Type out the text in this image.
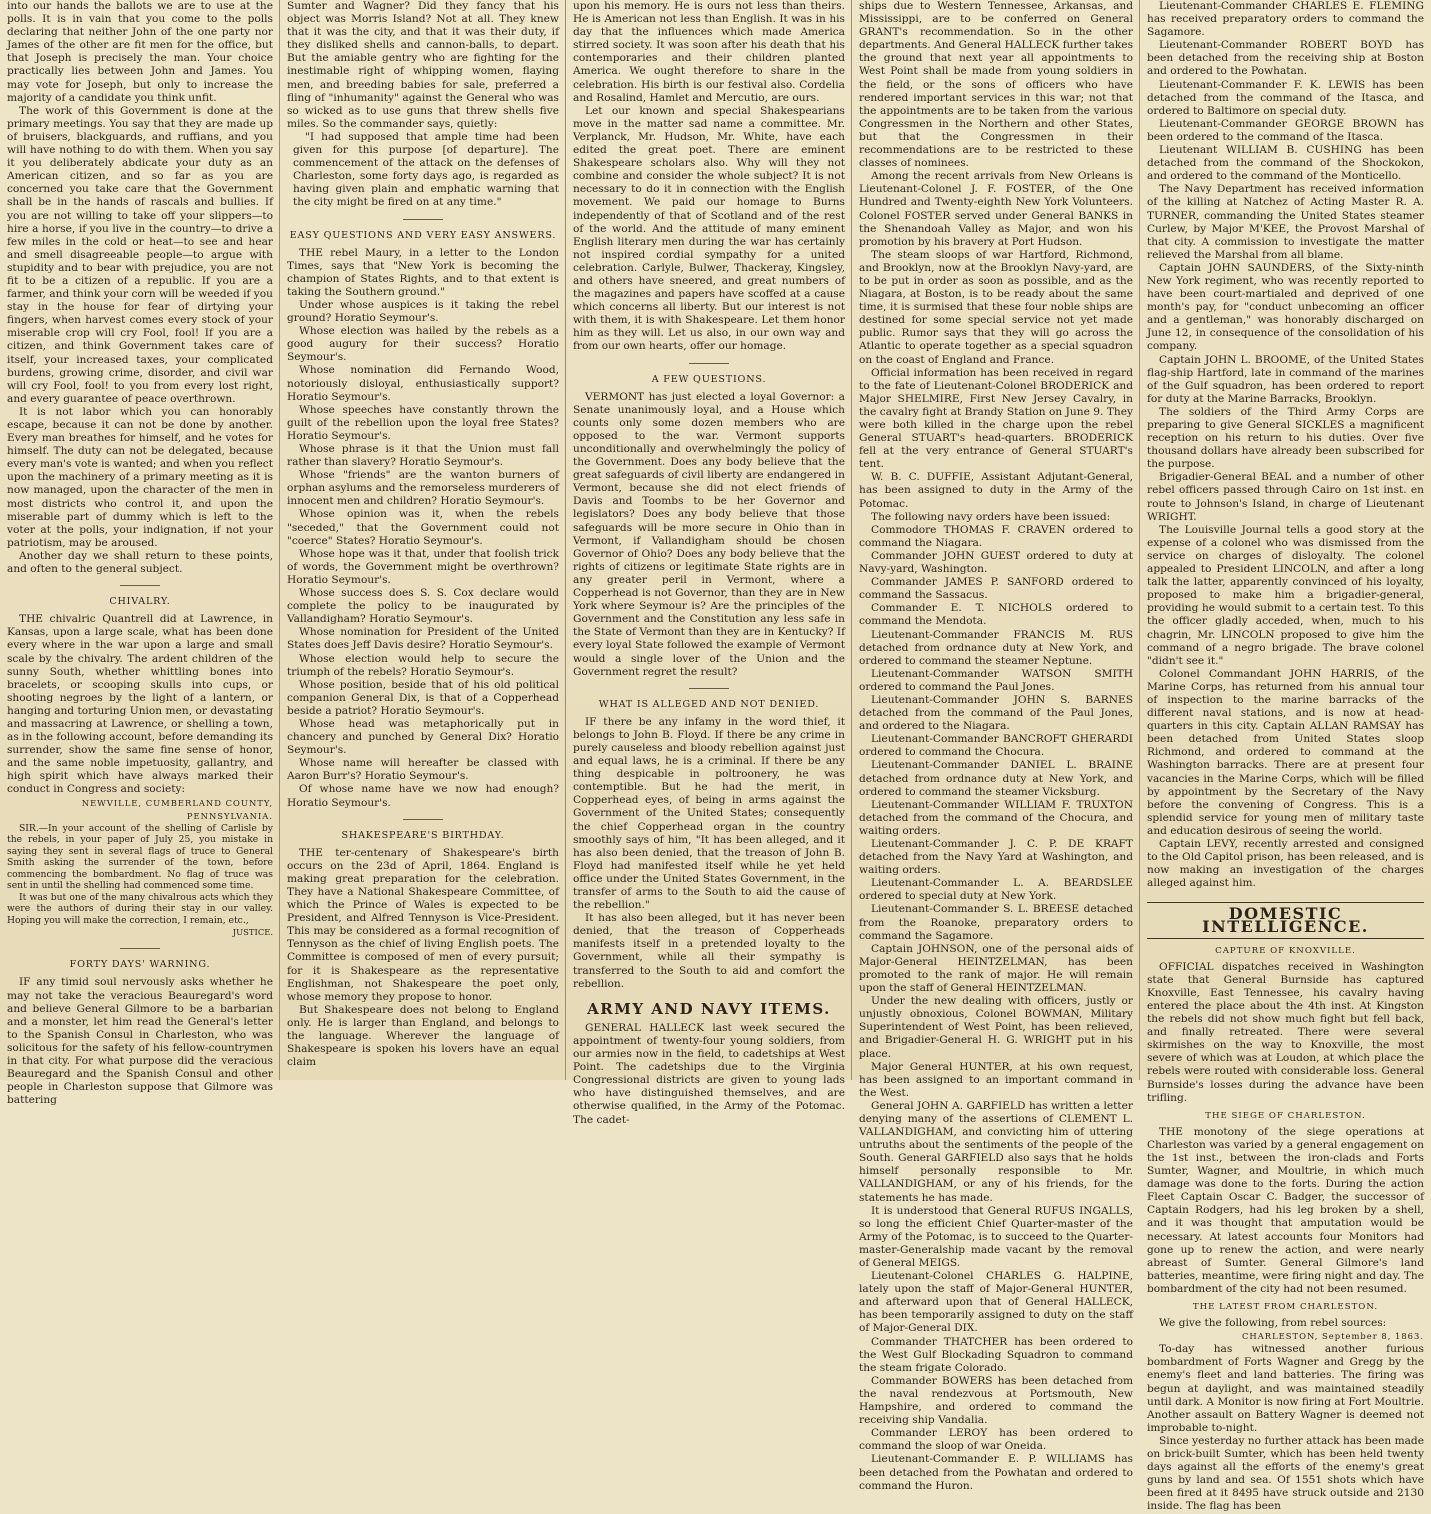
into our hands the ballots we are to use at the polls. It is in vain that you come to the polls declaring that neither John of the one party nor James of the other are fit men for the office, but that Joseph is precisely the man. Your choice practically lies between John and James. You may vote for Joseph, but only to increase the majority of a candidate you think unfit.

The work of this Government is done at the primary meetings. You say that they are made up of bruisers, blackguards, and ruffians, and you will have nothing to do with them. When you say it you deliberately abdicate your duty as an American citizen, and so far as you are concerned you take care that the Government shall be in the hands of rascals and bullies. If you are not willing to take off your slippers—to hire a horse, if you live in the country—to drive a few miles in the cold or heat—to see and hear and smell disagreeable people—to argue with stupidity and to bear with prejudice, you are not fit to be a citizen of a republic. If you are a farmer, and think your corn will be weeded if you stay in the house for fear of dirtying your fingers, when harvest comes every stock of your miserable crop will cry Fool, fool! If you are a citizen, and think Government takes care of itself, your increased taxes, your complicated burdens, growing crime, disorder, and civil war will cry Fool, fool! to you from every lost right, and every guarantee of peace overthrown.

It is not labor which you can honorably escape, because it can not be done by another. Every man breathes for himself, and he votes for himself. The duty can not be delegated, because every man's vote is wanted; and when you reflect upon the machinery of a primary meeting as it is now managed, upon the character of the men in most districts who control it, and upon the miserable part of dummy which is left to the voter at the polls, your indignation, if not your patriotism, may be aroused.

Another day we shall return to these points, and often to the general subject.

CHIVALRY.

THE chivalric Quantrell did at Lawrence, in Kansas, upon a large scale, what has been done every where in the war upon a large and small scale by the chivalry. The ardent children of the sunny South, whether whittling bones into bracelets, or scooping skulls into cups, or shooting negroes by the light of a lantern, or hanging and torturing Union men, or devastating and massacring at Lawrence, or shelling a town, as in the following account, before demanding its surrender, show the same fine sense of honor, and the same noble impetuosity, gallantry, and high spirit which have always marked their conduct in Congress and society:

NEWVILLE, CUMBERLAND COUNTY, PENNSYLVANIA.

SIR.—In your account of the shelling of Carlisle by the rebels, in your paper of July 25, you mistake in saying they sent in several flags of truce to General Smith asking the surrender of the town, before commencing the bombardment. No flag of truce was sent in until the shelling had commenced some time.

It was but one of the many chivalrous acts which they were the authors of during their stay in our valley. Hoping you will make the correction, I remain, etc.,

JUSTICE.

FORTY DAYS' WARNING.

IF any timid soul nervously asks whether he may not take the veracious Beauregard's word and believe General Gilmore to be a barbarian and a monster, let him read the General's letter to the Spanish Consul in Charleston, who was solicitous for the safety of his fellow-countrymen in that city. For what purpose did the veracious Beauregard and the Spanish Consul and other people in Charleston suppose that Gilmore was battering

Sumter and Wagner? Did they fancy that his object was Morris Island? Not at all. They knew that it was the city, and that it was their duty, if they disliked shells and cannon-balls, to depart. But the amiable gentry who are fighting for the inestimable right of whipping women, flaying men, and breeding babies for sale, preferred a fling of "inhumanity" against the General who was so wicked as to use guns that threw shells five miles. So the commander says, quietly:

"I had supposed that ample time had been given for this purpose [of departure]. The commencement of the attack on the defenses of Charleston, some forty days ago, is regarded as having given plain and emphatic warning that the city might be fired on at any time."

EASY QUESTIONS AND VERY EASY ANSWERS.

THE rebel Maury, in a letter to the London Times, says that "New York is becoming the champion of States Rights, and to that extent is taking the Southern ground."

Under whose auspices is it taking the rebel ground? Horatio Seymour's.

Whose election was hailed by the rebels as a good augury for their success? Horatio Seymour's.

Whose nomination did Fernando Wood, notoriously disloyal, enthusiastically support? Horatio Seymour's.

Whose speeches have constantly thrown the guilt of the rebellion upon the loyal free States? Horatio Seymour's.

Whose phrase is it that the Union must fall rather than slavery? Horatio Seymour's.

Whose "friends" are the wanton burners of orphan asylums and the remorseless murderers of innocent men and children? Horatio Seymour's.

Whose opinion was it, when the rebels "seceded," that the Government could not "coerce" States? Horatio Seymour's.

Whose hope was it that, under that foolish trick of words, the Government might be overthrown? Horatio Seymour's.

Whose success does S. S. Cox declare would complete the policy to be inaugurated by Vallandigham? Horatio Seymour's.

Whose nomination for President of the United States does Jeff Davis desire? Horatio Seymour's.

Whose election would help to secure the triumph of the rebels? Horatio Seymour's.

Whose position, beside that of his old political companion General Dix, is that of a Copperhead beside a patriot? Horatio Seymour's.

Whose head was metaphorically put in chancery and punched by General Dix? Horatio Seymour's.

Whose name will hereafter be classed with Aaron Burr's? Horatio Seymour's.

Of whose name have we now had enough? Horatio Seymour's.

SHAKESPEARE'S BIRTHDAY.

THE ter-centenary of Shakespeare's birth occurs on the 23d of April, 1864. England is making great preparation for the celebration. They have a National Shakespeare Committee, of which the Prince of Wales is expected to be President, and Alfred Tennyson is Vice-President. This may be considered as a formal recognition of Tennyson as the chief of living English poets. The Committee is composed of men of every pursuit; for it is Shakespeare as the representative Englishman, not Shakespeare the poet only, whose memory they propose to honor.

But Shakespeare does not belong to England only. He is larger than England, and belongs to the language. Wherever the language of Shakespeare is spoken his lovers have an equal claim

upon his memory. He is ours not less than theirs. He is American not less than English. It was in his day that the influences which made America stirred society. It was soon after his death that his contemporaries and their children planted America. We ought therefore to share in the celebration. His birth is our festival also. Cordelia and Rosalind, Hamlet and Mercutio, are ours.

Let our known and special Shakespearians move in the matter sad name a committee. Mr. Verplanck, Mr. Hudson, Mr. White, have each edited the great poet. There are eminent Shakespeare scholars also. Why will they not combine and consider the whole subject? It is not necessary to do it in connection with the English movement. We paid our homage to Burns independently of that of Scotland and of the rest of the world. And the attitude of many eminent English literary men during the war has certainly not inspired cordial sympathy for a united celebration. Carlyle, Bulwer, Thackeray, Kingsley, and others have sneered, and great numbers of the magazines and papers have scoffed at a cause which concerns all liberty. But our interest is not with them, it is with Shakespeare. Let them honor him as they will. Let us also, in our own way and from our own hearts, offer our homage.

A FEW QUESTIONS.

VERMONT has just elected a loyal Governor: a Senate unanimously loyal, and a House which counts only some dozen members who are opposed to the war. Vermont supports unconditionally and overwhelmingly the policy of the Government. Does any body believe that the great safeguards of civil liberty are endangered in Vermont, because she did not elect friends of Davis and Toombs to be her Governor and legislators? Does any body believe that those safeguards will be more secure in Ohio than in Vermont, if Vallandigham should be chosen Governor of Ohio? Does any body believe that the rights of citizens or legitimate State rights are in any greater peril in Vermont, where a Copperhead is not Governor, than they are in New York where Seymour is? Are the principles of the Government and the Constitution any less safe in the State of Vermont than they are in Kentucky? If every loyal State followed the example of Vermont would a single lover of the Union and the Government regret the result?

WHAT IS ALLEGED AND NOT DENIED.

IF there be any infamy in the word thief, it belongs to John B. Floyd. If there be any crime in purely causeless and bloody rebellion against just and equal laws, he is a criminal. If there be any thing despicable in poltroonery, he was contemptible. But he had the merit, in Copperhead eyes, of being in arms against the Government of the United States; consequently the chief Copperhead organ in the country smoothly says of him, "It has been alleged, and it has also been denied, that the treason of John B. Floyd had manifested itself while he yet held office under the United States Government, in the transfer of arms to the South to aid the cause of the rebellion."

It has also been alleged, but it has never been denied, that the treason of Copperheads manifests itself in a pretended loyalty to the Government, while all their sympathy is transferred to the South to aid and comfort the rebellion.

ARMY AND NAVY ITEMS.

GENERAL HALLECK last week secured the appointment of twenty-four young soldiers, from our armies now in the field, to cadetships at West Point. The cadetships due to the Virginia Congressional districts are given to young lads who have distinguished themselves, and are otherwise qualified, in the Army of the Potomac. The cadet-

ships due to Western Tennessee, Arkansas, and Mississippi, are to be conferred on General GRANT's recommendation. So in the other departments. And General HALLECK further takes the ground that next year all appointments to West Point shall be made from young soldiers in the field, or the sons of officers who have rendered important services in this war; not that the appointments are to be taken from the various Congressmen in the Northern and other States, but that the Congressmen in their recommendations are to be restricted to these classes of nominees.

Among the recent arrivals from New Orleans is Lieutenant-Colonel J. F. FOSTER, of the One Hundred and Twenty-eighth New York Volunteers. Colonel FOSTER served under General BANKS in the Shenandoah Valley as Major, and won his promotion by his bravery at Port Hudson.

The steam sloops of war Hartford, Richmond, and Brooklyn, now at the Brooklyn Navy-yard, are to be put in order as soon as possible, and as the Niagara, at Boston, is to be ready about the same time, it is surmised that these four noble ships are destined for some special service not yet made public. Rumor says that they will go across the Atlantic to operate together as a special squadron on the coast of England and France.

Official information has been received in regard to the fate of Lieutenant-Colonel BRODERICK and Major SHELMIRE, First New Jersey Cavalry, in the cavalry fight at Brandy Station on June 9. They were both killed in the charge upon the rebel General STUART's head-quarters. BRODERICK fell at the very entrance of General STUART's tent.

W. B. C. DUFFIE, Assistant Adjutant-General, has been assigned to duty in the Army of the Potomac.

The following navy orders have been issued:

Commodore THOMAS F. CRAVEN ordered to command the Niagara.

Commander JOHN GUEST ordered to duty at Navy-yard, Washington.

Commander JAMES P. SANFORD ordered to command the Sassacus.

Commander E. T. NICHOLS ordered to command the Mendota.

Lieutenant-Commander FRANCIS M. RUS detached from ordnance duty at New York, and ordered to command the steamer Neptune.

Lieutenant-Commander WATSON SMITH ordered to command the Paul Jones.

Lieutenant-Commander JOHN S. BARNES detached from the command of the Paul Jones, and ordered to the Niagara.

Lieutenant-Commander BANCROFT GHERARDI ordered to command the Chocura.

Lieutenant-Commander DANIEL L. BRAINE detached from ordnance duty at New York, and ordered to command the steamer Vicksburg.

Lieutenant-Commander WILLIAM F. TRUXTON detached from the command of the Chocura, and waiting orders.

Lieutenant-Commander J. C. P. DE KRAFT detached from the Navy Yard at Washington, and waiting orders.

Lieutenant-Commander L. A. BEARDSLEE ordered to special duty at New York.

Lieutenant-Commander S. L. BREESE detached from the Roanoke, preparatory orders to command the Sagamore.

Captain JOHNSON, one of the personal aids of Major-General HEINTZELMAN, has been promoted to the rank of major. He will remain upon the staff of General HEINTZELMAN.

Under the new dealing with officers, justly or unjustly obnoxious, Colonel BOWMAN, Military Superintendent of West Point, has been relieved, and Brigadier-General H. G. WRIGHT put in his place.

Major General HUNTER, at his own request, has been assigned to an important command in the West.

General JOHN A. GARFIELD has written a letter denying many of the assertions of CLEMENT L. VALLANDIGHAM, and convicting him of uttering untruths about the sentiments of the people of the South. General GARFIELD also says that he holds himself personally responsible to Mr. VALLANDIGHAM, or any of his friends, for the statements he has made.

It is understood that General RUFUS INGALLS, so long the efficient Chief Quarter-master of the Army of the Potomac, is to succeed to the Quarter-master-Generalship made vacant by the removal of General MEIGS.

Lieutenant-Colonel CHARLES G. HALPINE, lately upon the staff of Major-General HUNTER, and afterward upon that of General HALLECK, has been temporarily assigned to duty on the staff of Major-General DIX.

Commander THATCHER has been ordered to the West Gulf Blockading Squadron to command the steam frigate Colorado.

Commander BOWERS has been detached from the naval rendezvous at Portsmouth, New Hampshire, and ordered to command the receiving ship Vandalia.

Commander LEROY has been ordered to command the sloop of war Oneida.

Lieutenant-Commander E. P. WILLIAMS has been detached from the Powhatan and ordered to command the Huron.

Lieutenant-Commander CHARLES E. FLEMING has received preparatory orders to command the Sagamore.

Lieutenant-Commander ROBERT BOYD has been detached from the receiving ship at Boston and ordered to the Powhatan.

Lieutenant-Commander F. K. LEWIS has been detached from the command of the Itasca, and ordered to Baltimore on special duty.

Lieutenant-Commander GEORGE BROWN has been ordered to the command of the Itasca.

Lieutenant WILLIAM B. CUSHING has been detached from the command of the Shockokon, and ordered to the command of the Monticello.

The Navy Department has received information of the killing at Natchez of Acting Master R. A. TURNER, commanding the United States steamer Curlew, by Major M'KEE, the Provost Marshal of that city. A commission to investigate the matter relieved the Marshal from all blame.

Captain JOHN SAUNDERS, of the Sixty-ninth New York regiment, who was recently reported to have been court-martialed and deprived of one month's pay, for "conduct unbecoming an officer and a gentleman," was honorably discharged on June 12, in consequence of the consolidation of his company.

Captain JOHN L. BROOME, of the United States flag-ship Hartford, late in command of the marines of the Gulf squadron, has been ordered to report for duty at the Marine Barracks, Brooklyn.

The soldiers of the Third Army Corps are preparing to give General SICKLES a magnificent reception on his return to his duties. Over five thousand dollars have already been subscribed for the purpose.

Brigadier-General BEAL and a number of other rebel officers passed through Cairo on 1st inst. en route to Johnson's Island, in charge of Lieutenant WRIGHT.

The Louisville Journal tells a good story at the expense of a colonel who was dismissed from the service on charges of disloyalty. The colonel appealed to President LINCOLN, and after a long talk the latter, apparently convinced of his loyalty, proposed to make him a brigadier-general, providing he would submit to a certain test. To this the officer gladly acceded, when, much to his chagrin, Mr. LINCOLN proposed to give him the command of a negro brigade. The brave colonel "didn't see it."

Colonel Commandant JOHN HARRIS, of the Marine Corps, has returned from his annual tour of inspection to the marine barracks of the different naval stations, and is now at head-quarters in this city. Captain ALLAN RAMSAY has been detached from United States sloop Richmond, and ordered to command at the Washington barracks. There are at present four vacancies in the Marine Corps, which will be filled by appointment by the Secretary of the Navy before the convening of Congress. This is a splendid service for young men of military taste and education desirous of seeing the world.

Captain LEVY, recently arrested and consigned to the Old Capitol prison, has been released, and is now making an investigation of the charges alleged against him.

DOMESTIC INTELLIGENCE.
CAPTURE OF KNOXVILLE.

OFFICIAL dispatches received in Washington state that General Burnside has captured Knoxville, East Tennessee, his cavalry having entered the place about the 4th inst. At Kingston the rebels did not show much fight but fell back, and finally retreated. There were several skirmishes on the way to Knoxville, the most severe of which was at Loudon, at which place the rebels were routed with considerable loss. General Burnside's losses during the advance have been trifling.

THE SIEGE OF CHARLESTON.

THE monotony of the siege operations at Charleston was varied by a general engagement on the 1st inst., between the iron-clads and Forts Sumter, Wagner, and Moultrie, in which much damage was done to the forts. During the action Fleet Captain Oscar C. Badger, the successor of Captain Rodgers, had his leg broken by a shell, and it was thought that amputation would be necessary. At latest accounts four Monitors had gone up to renew the action, and were nearly abreast of Sumter. General Gilmore's land batteries, meantime, were firing night and day. The bombardment of the city had not been resumed.

THE LATEST FROM CHARLESTON.

We give the following, from rebel sources:

CHARLESTON, September 8, 1863.

To-day has witnessed another furious bombardment of Forts Wagner and Gregg by the enemy's fleet and land batteries. The firing was begun at daylight, and was maintained steadily until dark. A Monitor is now firing at Fort Moultrie. Another assault on Battery Wagner is deemed not improbable to-night.

Since yesterday no further attack has been made on brick-built Sumter, which has been held twenty days against all the efforts of the enemy's great guns by land and sea. Of 1551 shots which have been fired at it 8495 have struck outside and 2130 inside. The flag has been
